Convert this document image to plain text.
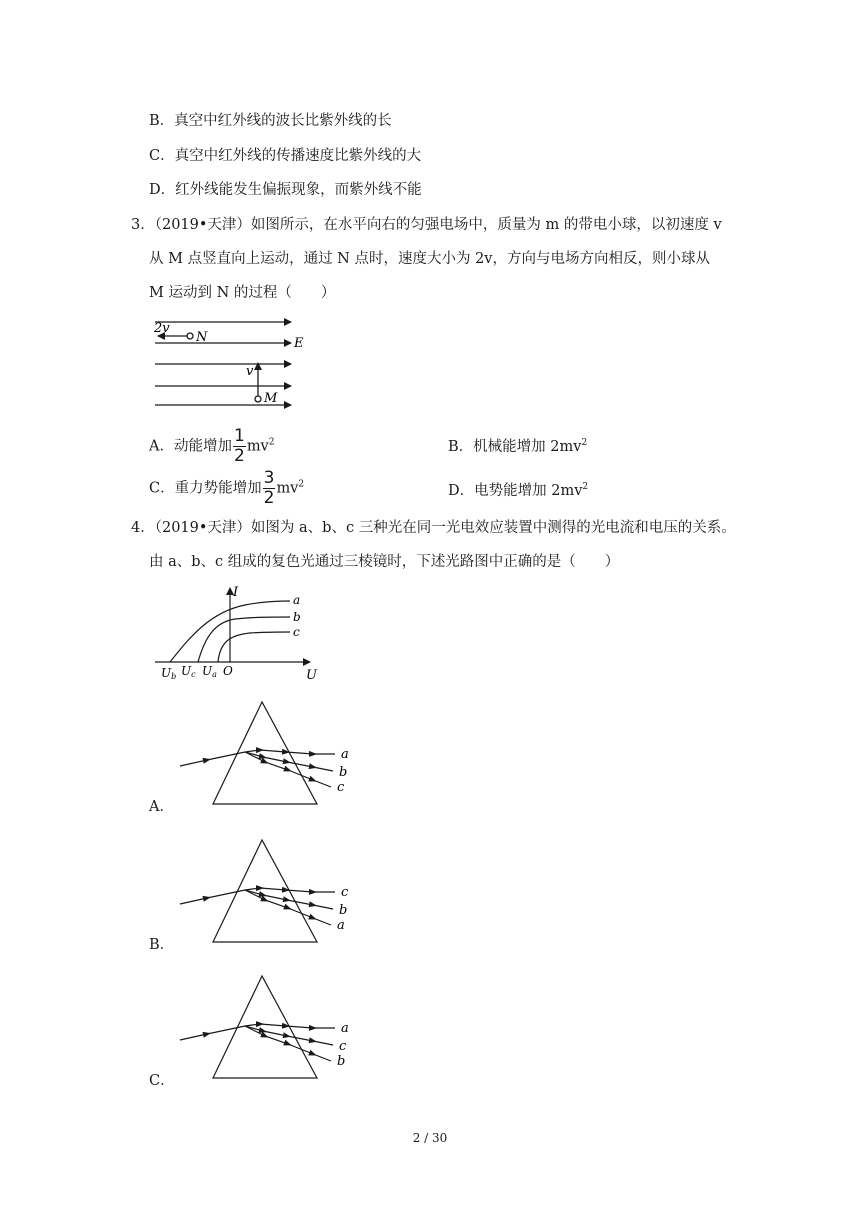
B．真空中红外线的波长比紫外线的长
C．真空中红外线的传播速度比紫外线的大
D．红外线能发生偏振现象，而紫外线不能
3．（2019•天津）如图所示，在水平向右的匀强电场中，质量为 m 的带电小球，以初速度 v
从 M 点竖直向上运动，通过 N 点时，速度大小为 2v，方向与电场方向相反，则小球从
M 运动到 N 的过程（　　）
2v
N	E
v
M
A．动能增加 $\frac{1}{2} mv^2$	B．机械能增加 $2mv^2$
C．重力势能增加 $\frac{3}{2} mv^2$	D．电势能增加 $2mv^2$
4．（2019•天津）如图为 a、b、c 三种光在同一光电效应装置中测得的光电流和电压的关系。
由 a、b、c 组成的复色光通过三棱镜时，下述光路图中正确的是（　　）
I
U
a
b
c
Ub Uc Ua O
A．
a
b
c
B．
c
b
a
C．
a
c
b
2 / 30
